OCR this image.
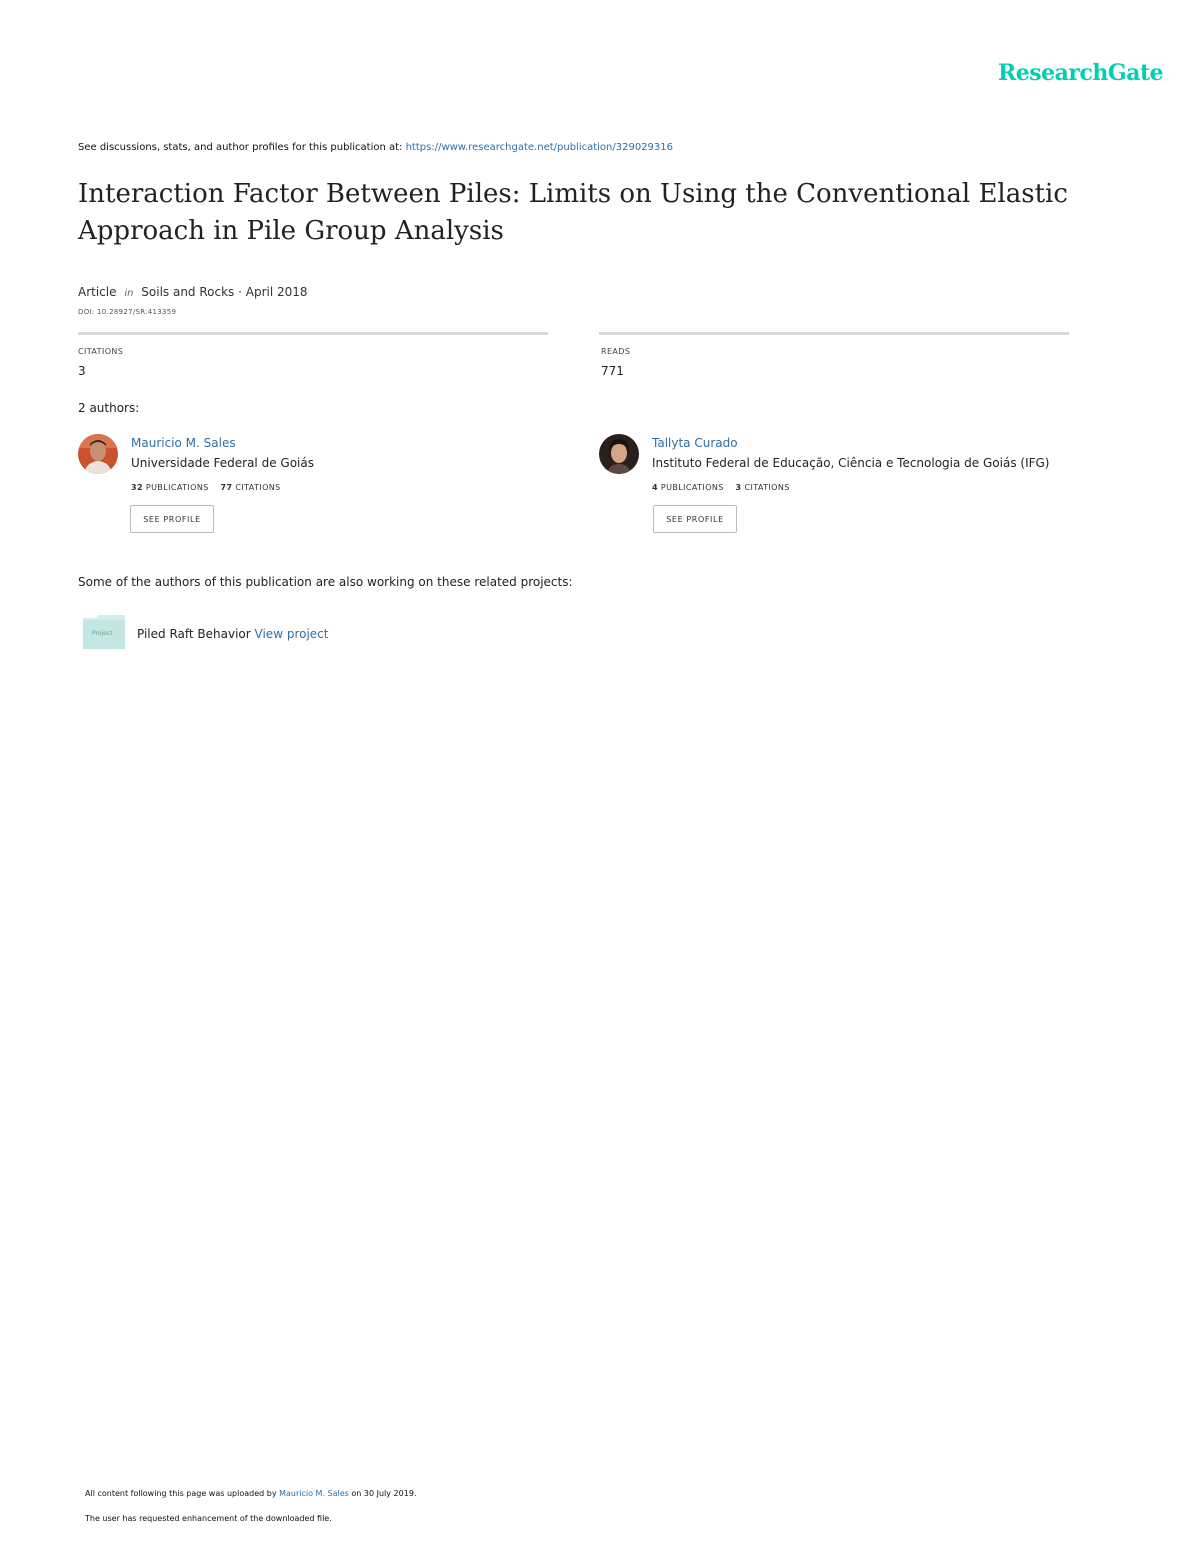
ResearchGate
See discussions, stats, and author profiles for this publication at: https://www.researchgate.net/publication/329029316
Interaction Factor Between Piles: Limits on Using the Conventional Elastic Approach in Pile Group Analysis
Article in Soils and Rocks · April 2018
DOI: 10.28927/SR.413359
CITATIONS
3
READS
771
2 authors:
Mauricio M. Sales
Universidade Federal de Goiás
32 PUBLICATIONS 77 CITATIONS
SEE PROFILE
Tallyta Curado
Instituto Federal de Educação, Ciência e Tecnologia de Goiás (IFG)
4 PUBLICATIONS 3 CITATIONS
SEE PROFILE
Some of the authors of this publication are also working on these related projects:
Project Piled Raft Behavior View project
All content following this page was uploaded by Mauricio M. Sales on 30 July 2019.
The user has requested enhancement of the downloaded file.
